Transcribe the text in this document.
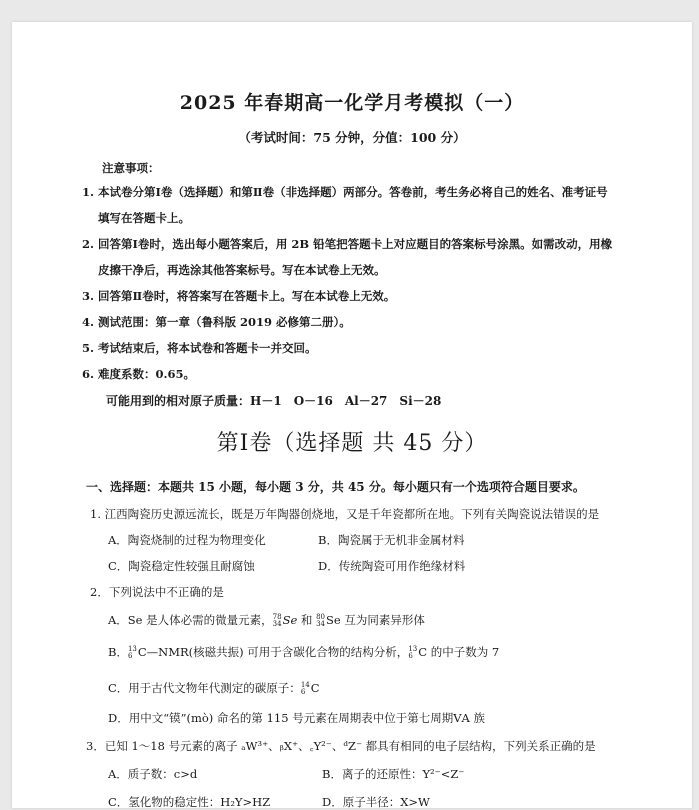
2025 年春期高一化学月考模拟（一）
（考试时间：75 分钟，分值：100 分）
注意事项：
1. 本试卷分第Ⅰ卷（选择题）和第Ⅱ卷（非选择题）两部分。答卷前，考生务必将自己的姓名、准考证号
填写在答题卡上。
2. 回答第Ⅰ卷时，选出每小题答案后，用 2B 铅笔把答题卡上对应题目的答案标号涂黑。如需改动，用橡
皮擦干净后，再选涂其他答案标号。写在本试卷上无效。
3. 回答第Ⅱ卷时，将答案写在答题卡上。写在本试卷上无效。
4. 测试范围：第一章（鲁科版 2019 必修第二册）。
5. 考试结束后，将本试卷和答题卡一并交回。
6. 难度系数：0.65。
可能用到的相对原子质量：H－1　O－16　Al－27　Si－28
第Ⅰ卷（选择题 共 45 分）
一、选择题：本题共 15 小题，每小题 3 分，共 45 分。每小题只有一个选项符合题目要求。
1. 江西陶瓷历史源远流长，既是万年陶器创烧地，又是千年瓷都所在地。下列有关陶瓷说法错误的是
A．陶瓷烧制的过程为物理变化	B．陶瓷属于无机非金属材料
C．陶瓷稳定性较强且耐腐蚀	D．传统陶瓷可用作绝缘材料
2．下列说法中不正确的是
A．Se 是人体必需的微量元素， 78
34 Se 和 80
34 Se 互为同素异形体
B． 13
6 C—NMR(核磁共振) 可用于含碳化合物的结构分析， 13
6 C 的中子数为 7
C．用于古代文物年代测定的碳原子： 14
6 C
D．用中文“镆”(mò) 命名的第 115 号元素在周期表中位于第七周期ⅤA 族
3．已知 1～18 号元素的离子 ₐW³⁺、ᵦX⁺、꜀Y²⁻、ᵈZ⁻ 都具有相同的电子层结构，下列关系正确的是
A．质子数：c>d	B．离子的还原性：Y²⁻<Z⁻
C．氢化物的稳定性：H₂Y>HZ	D．原子半径：X>W
